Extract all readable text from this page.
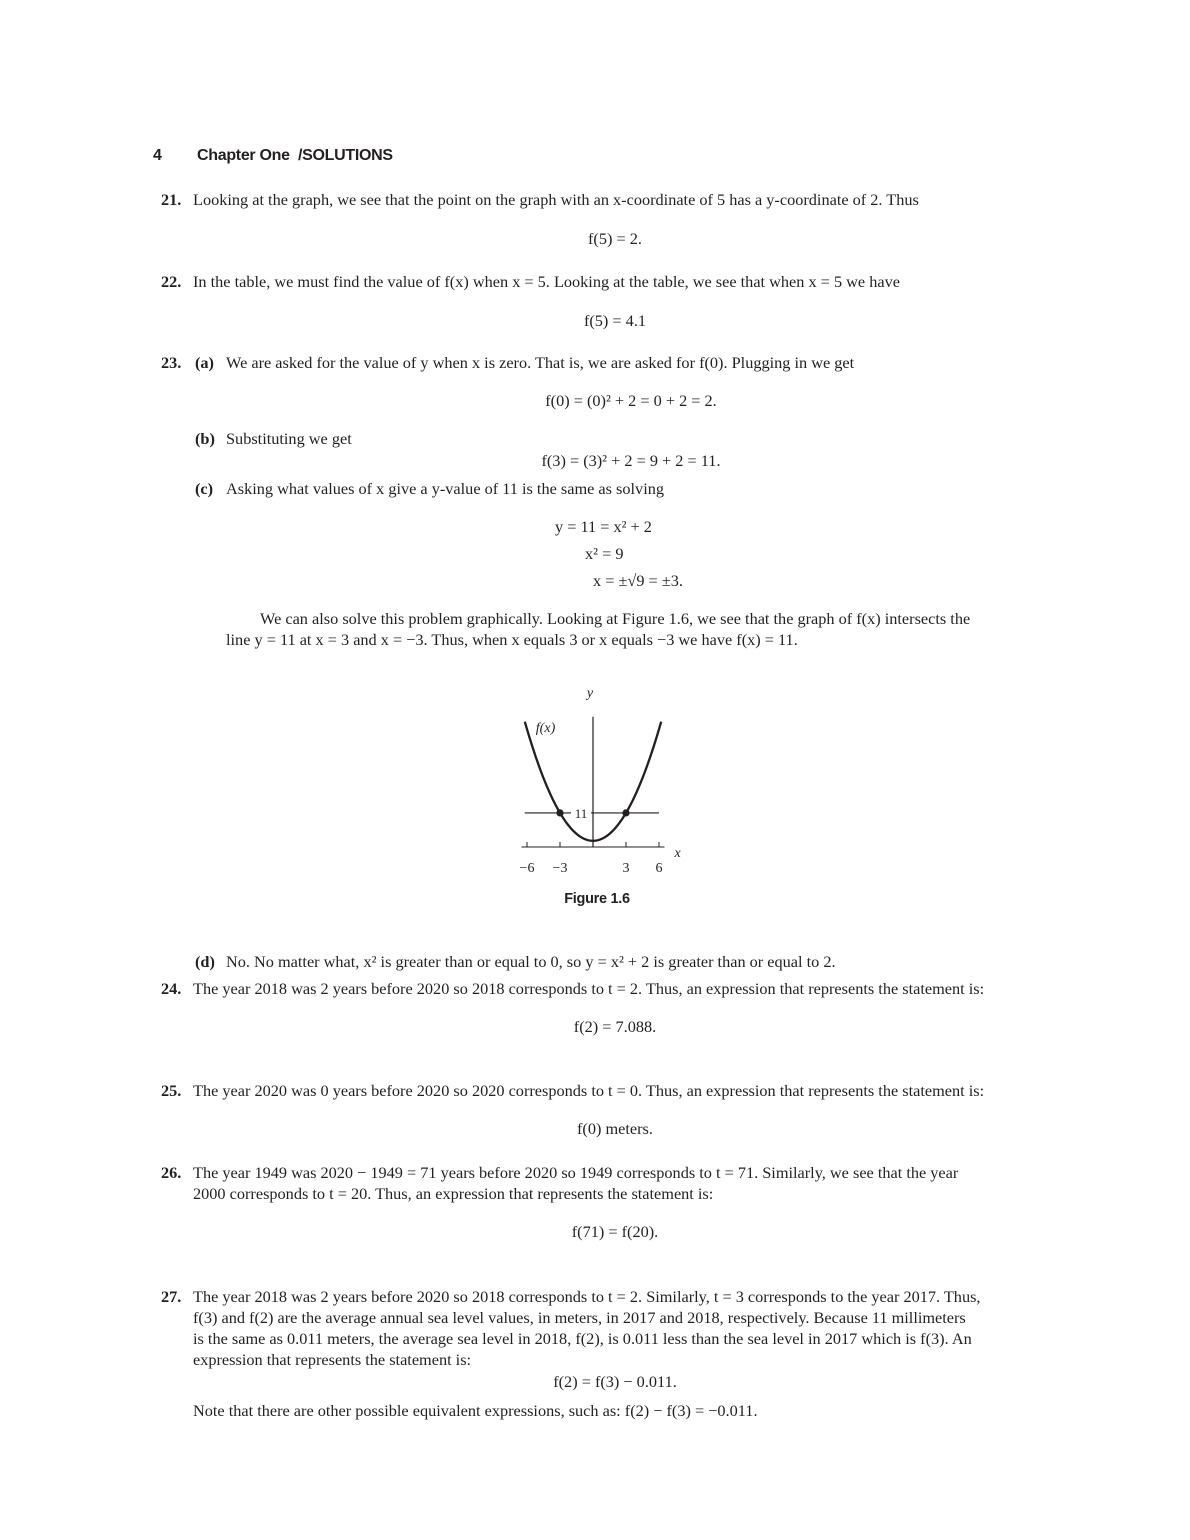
4 Chapter One /SOLUTIONS
21. Looking at the graph, we see that the point on the graph with an x-coordinate of 5 has a y-coordinate of 2. Thus
f(5) = 2.
22. In the table, we must find the value of f(x) when x = 5. Looking at the table, we see that when x = 5 we have
f(5) = 4.1
23. (a) We are asked for the value of y when x is zero. That is, we are asked for f(0). Plugging in we get
f(0) = (0)² + 2 = 0 + 2 = 2.
(b) Substituting we get
f(3) = (3)² + 2 = 9 + 2 = 11.
(c) Asking what values of x give a y-value of 11 is the same as solving
y = 11 = x² + 2
x² = 9
x = ±√9 = ±3.
We can also solve this problem graphically. Looking at Figure 1.6, we see that the graph of f(x) intersects the
line y = 11 at x = 3 and x = −3. Thus, when x equals 3 or x equals −3 we have f(x) = 11.
−6 −3	3 6
x
y
11
f(x)
Figure 1.6
(d) No. No matter what, x² is greater than or equal to 0, so y = x² + 2 is greater than or equal to 2.
24. The year 2018 was 2 years before 2020 so 2018 corresponds to t = 2. Thus, an expression that represents the statement is:
f(2) = 7.088.
25. The year 2020 was 0 years before 2020 so 2020 corresponds to t = 0. Thus, an expression that represents the statement is:
f(0) meters.
26. The year 1949 was 2020 − 1949 = 71 years before 2020 so 1949 corresponds to t = 71. Similarly, we see that the year
2000 corresponds to t = 20. Thus, an expression that represents the statement is:
f(71) = f(20).
27. The year 2018 was 2 years before 2020 so 2018 corresponds to t = 2. Similarly, t = 3 corresponds to the year 2017. Thus,
f(3) and f(2) are the average annual sea level values, in meters, in 2017 and 2018, respectively. Because 11 millimeters
is the same as 0.011 meters, the average sea level in 2018, f(2), is 0.011 less than the sea level in 2017 which is f(3). An
expression that represents the statement is:
f(2) = f(3) − 0.011.
Note that there are other possible equivalent expressions, such as: f(2) − f(3) = −0.011.
